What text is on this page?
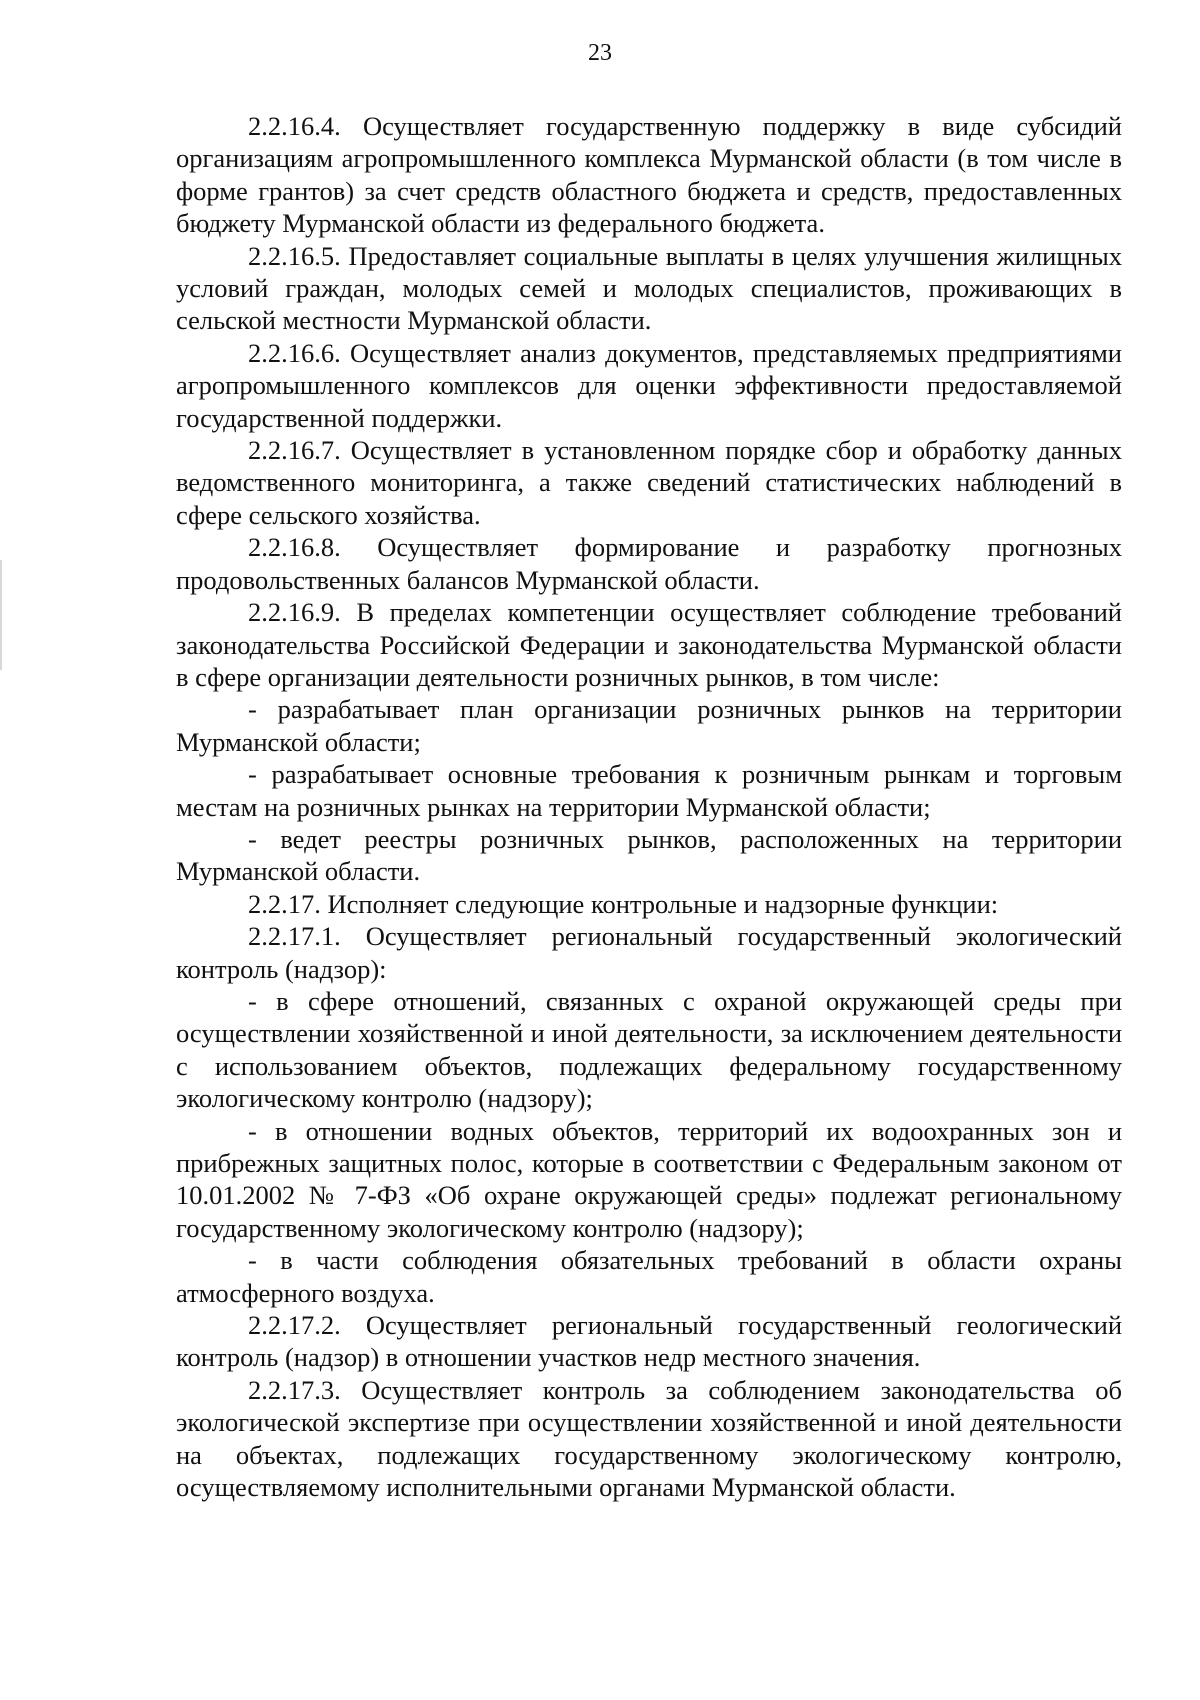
23

2.2.16.4. Осуществляет государственную поддержку в виде субсидий организациям агропромышленного комплекса Мурманской области (в том числе в форме грантов) за счет средств областного бюджета и средств, предоставленных бюджету Мурманской области из федерального бюджета.

2.2.16.5. Предоставляет социальные выплаты в целях улучшения жилищных условий граждан, молодых семей и молодых специалистов, проживающих в сельской местности Мурманской области.

2.2.16.6. Осуществляет анализ документов, представляемых предприятиями агропромышленного комплексов для оценки эффективности предоставляемой государственной поддержки.

2.2.16.7. Осуществляет в установленном порядке сбор и обработку данных ведомственного мониторинга, а также сведений статистических наблюдений в сфере сельского хозяйства.

2.2.16.8. Осуществляет формирование и разработку прогнозных продовольственных балансов Мурманской области.

2.2.16.9. В пределах компетенции осуществляет соблюдение требований законодательства Российской Федерации и законодательства Мурманской области в сфере организации деятельности розничных рынков, в том числе:

- разрабатывает план организации розничных рынков на территории Мурманской области;

- разрабатывает основные требования к розничным рынкам и торговым местам на розничных рынках на территории Мурманской области;

- ведет реестры розничных рынков, расположенных на территории Мурманской области.

2.2.17. Исполняет следующие контрольные и надзорные функции:

2.2.17.1. Осуществляет региональный государственный экологический контроль (надзор):

- в сфере отношений, связанных с охраной окружающей среды при осуществлении хозяйственной и иной деятельности, за исключением деятельности с использованием объектов, подлежащих федеральному государственному экологическому контролю (надзору);

- в отношении водных объектов, территорий их водоохранных зон и прибрежных защитных полос, которые в соответствии с Федеральным законом от 10.01.2002 № 7-ФЗ «Об охране окружающей среды» подлежат региональному государственному экологическому контролю (надзору);

- в части соблюдения обязательных требований в области охраны атмосферного воздуха.

2.2.17.2. Осуществляет региональный государственный геологический контроль (надзор) в отношении участков недр местного значения.

2.2.17.3. Осуществляет контроль за соблюдением законодательства об экологической экспертизе при осуществлении хозяйственной и иной деятельности на объектах, подлежащих государственному экологическому контролю, осуществляемому исполнительными органами Мурманской области.
